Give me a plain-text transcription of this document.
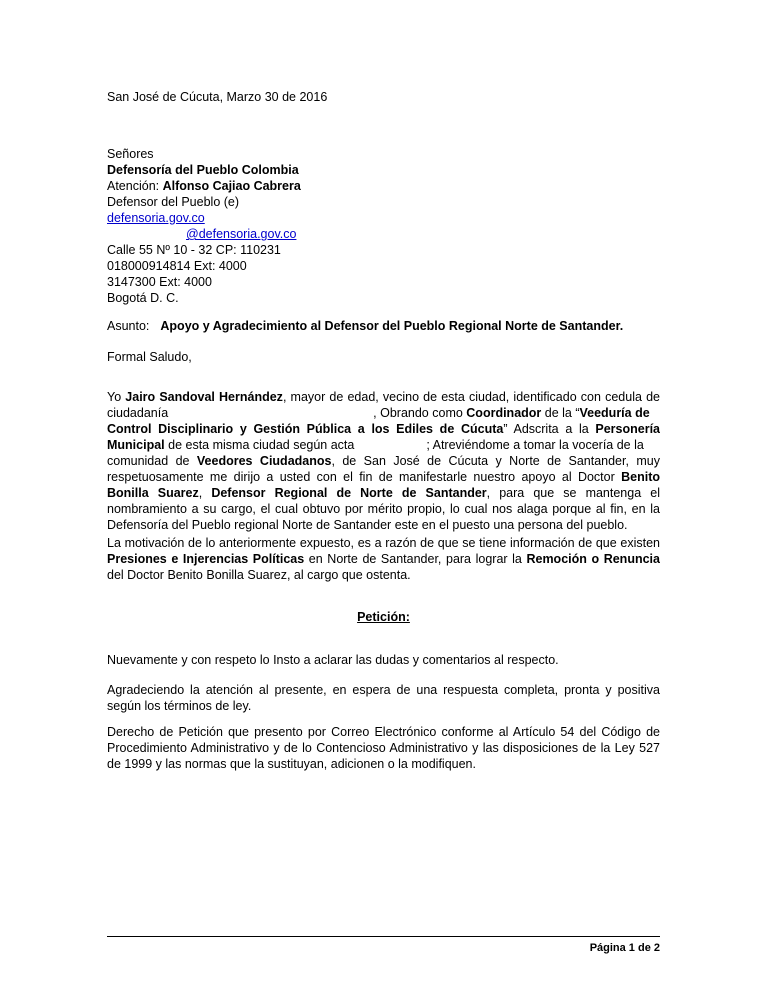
San José de Cúcuta, Marzo 30 de 2016
Señores
Defensoría del Pueblo Colombia
Atención: Alfonso Cajiao Cabrera
Defensor del Pueblo (e)
defensoria.gov.co
@defensoria.gov.co
Calle 55 Nº 10 - 32 CP: 110231
018000914814 Ext: 4000
3147300 Ext: 4000
Bogotá D. C.
Asunto: Apoyo y Agradecimiento al Defensor del Pueblo Regional Norte de Santander.
Formal Saludo,
Yo Jairo Sandoval Hernández, mayor de edad, vecino de esta ciudad, identificado con cedula de
ciudadanía	, Obrando como Coordinador de la “Veeduría de
Control Disciplinario y Gestión Pública a los Ediles de Cúcuta” Adscrita a la Personería
Municipal de esta misma ciudad según acta	; Atreviéndome a tomar la vocería de la
comunidad de Veedores Ciudadanos, de San José de Cúcuta y Norte de Santander, muy
respetuosamente me dirijo a usted con el fin de manifestarle nuestro apoyo al Doctor Benito
Bonilla Suarez, Defensor Regional de Norte de Santander, para que se mantenga el
nombramiento a su cargo, el cual obtuvo por mérito propio, lo cual nos alaga porque al fin, en la
Defensoría del Pueblo regional Norte de Santander este en el puesto una persona del pueblo.
La motivación de lo anteriormente expuesto, es a razón de que se tiene información de que existen
Presiones e Injerencias Políticas en Norte de Santander, para lograr la Remoción o Renuncia
del Doctor Benito Bonilla Suarez, al cargo que ostenta.
Petición:
Nuevamente y con respeto lo Insto a aclarar las dudas y comentarios al respecto.
Agradeciendo la atención al presente, en espera de una respuesta completa, pronta y positiva
según los términos de ley.
Derecho de Petición que presento por Correo Electrónico conforme al Artículo 54 del Código de
Procedimiento Administrativo y de lo Contencioso Administrativo y las disposiciones de la Ley 527
de 1999 y las normas que la sustituyan, adicionen o la modifiquen.
Página 1 de 2
